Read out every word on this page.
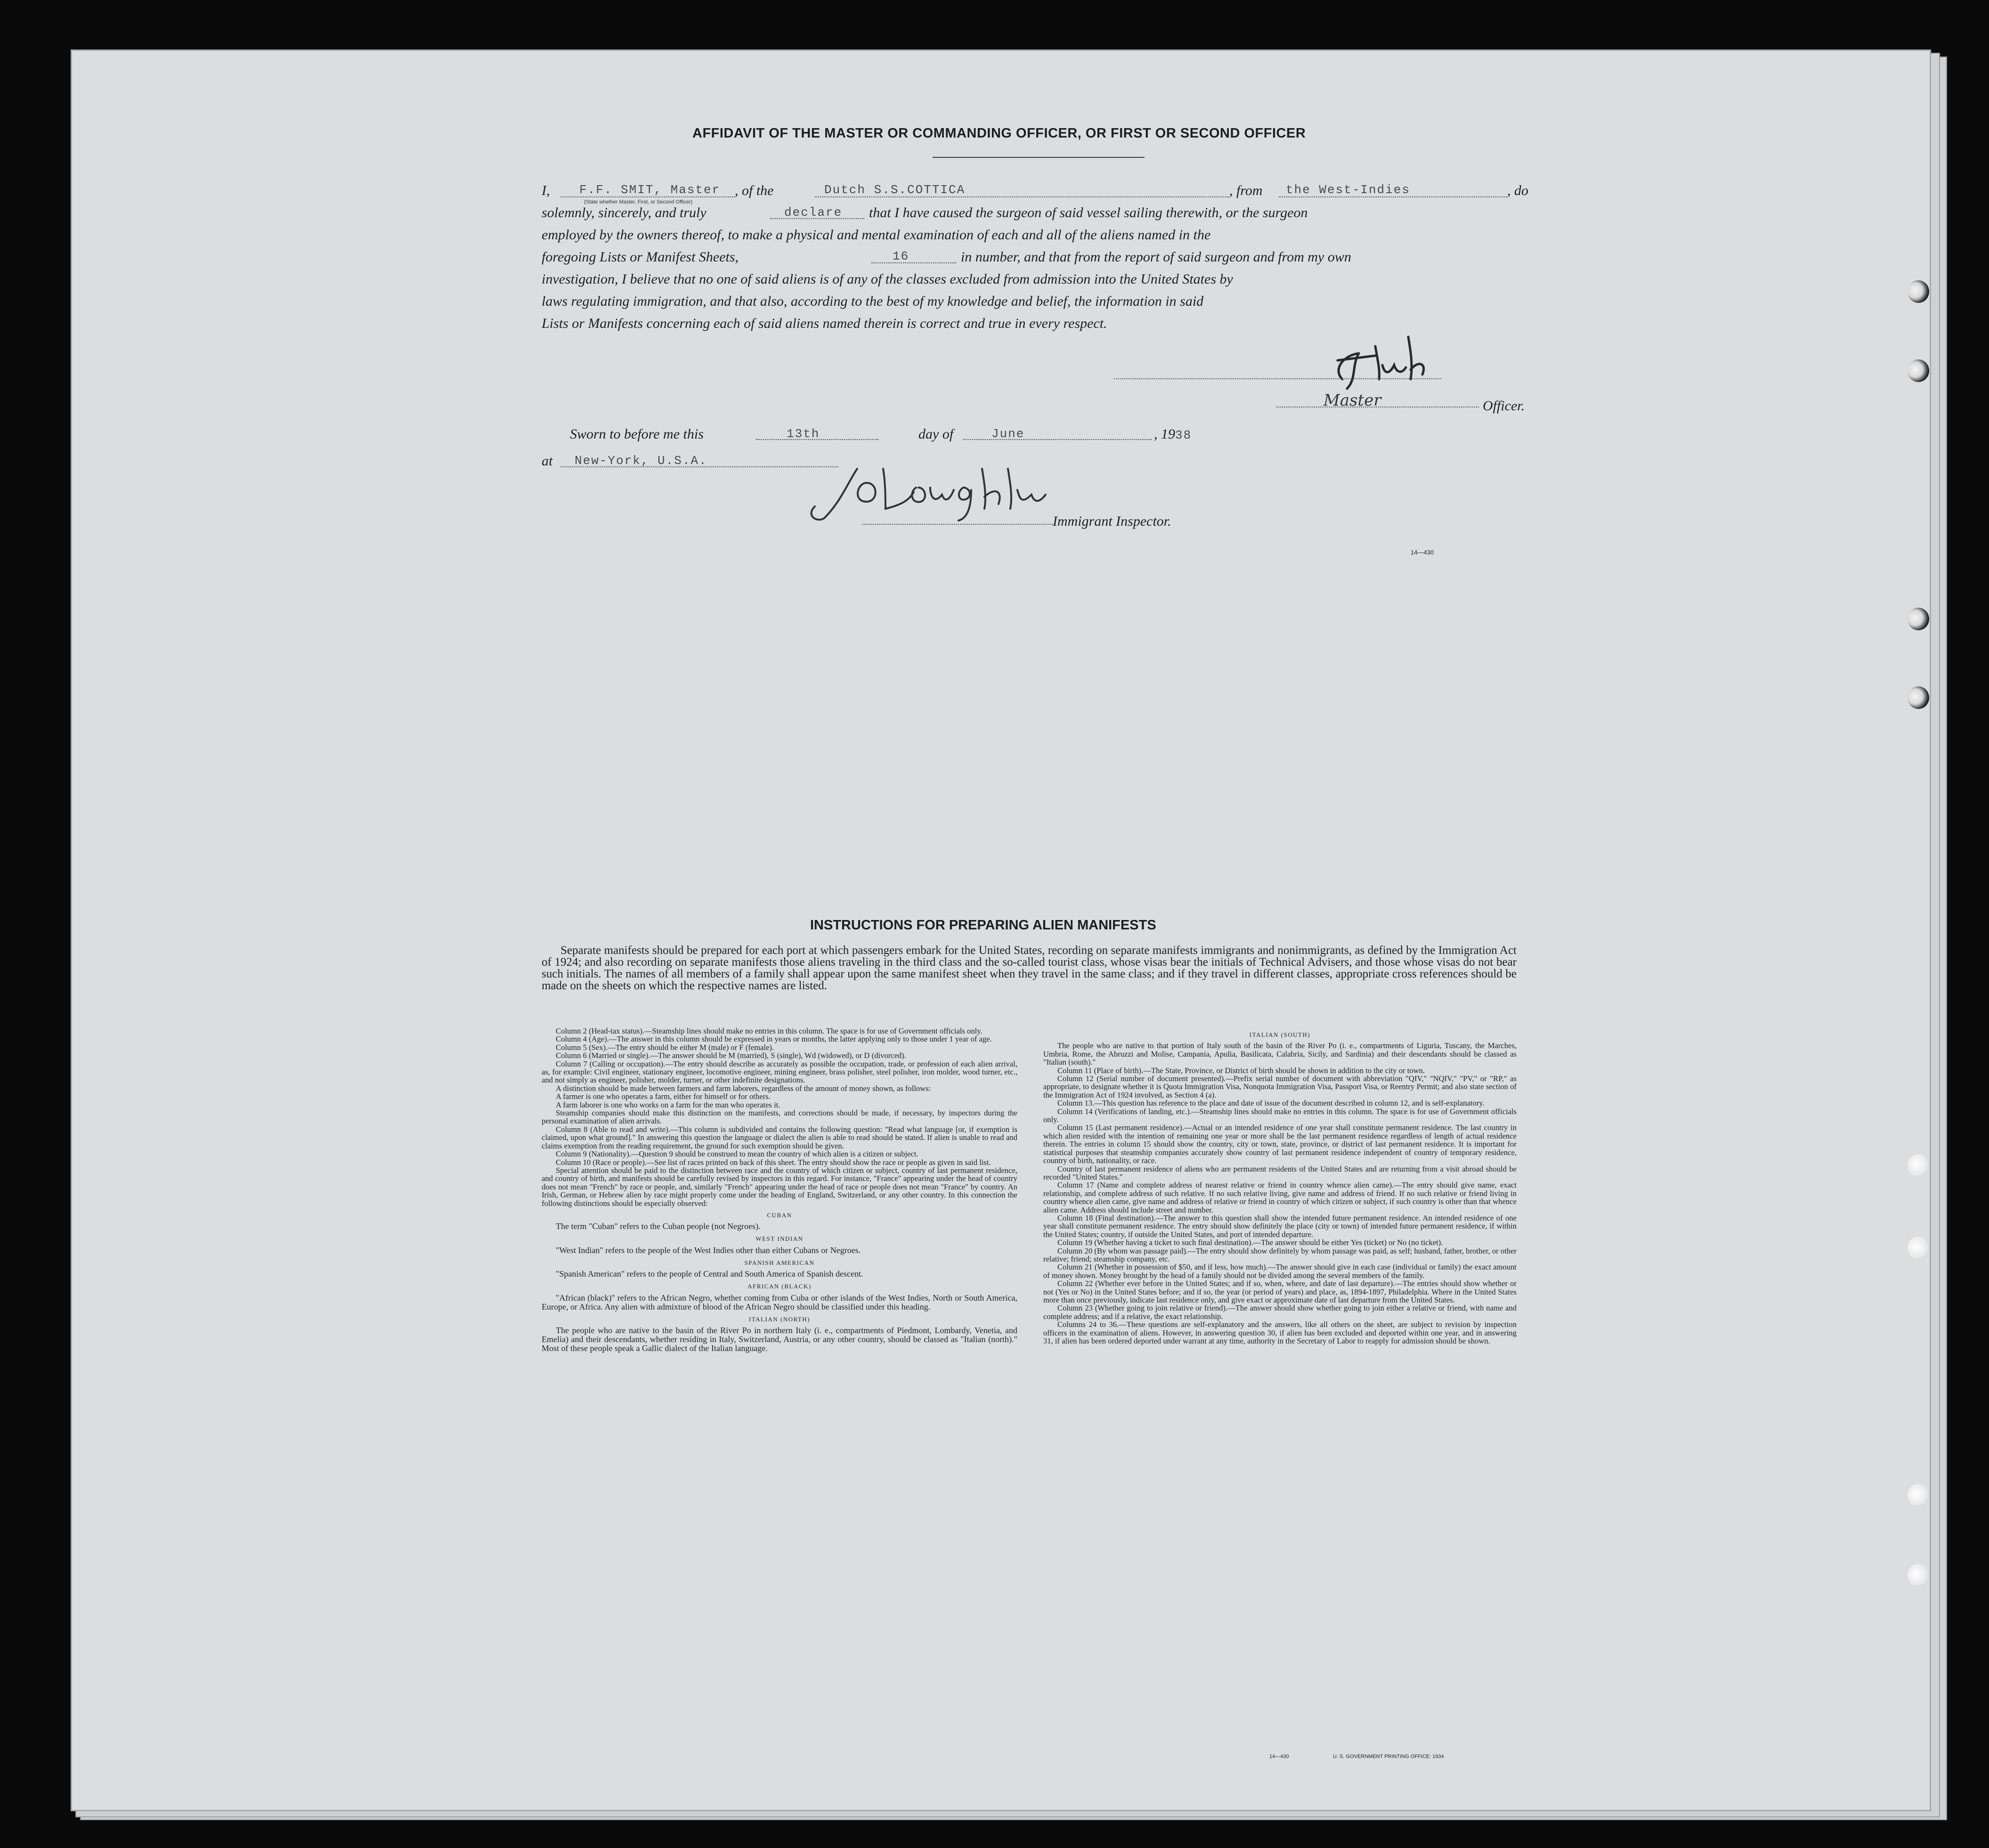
AFFIDAVIT OF THE MASTER OR COMMANDING OFFICER, OR FIRST OR SECOND OFFICER
I, F.F. SMIT, Master
(State whether Master, First, or Second Officer)
, of the	Dutch S.S.COTTICA	, from the West-Indies	, do
solemnly, sincerely, and truly	declare that I have caused the surgeon of said vessel sailing therewith, or the surgeon
employed by the owners thereof, to make a physical and mental examination of each and all of the aliens named in the
foregoing Lists or Manifest Sheets,	16	in number, and that from the report of said surgeon and from my own
investigation, I believe that no one of said aliens is of any of the classes excluded from admission into the United States by
laws regulating immigration, and that also, according to the best of my knowledge and belief, the information in said
Lists or Manifests concerning each of said aliens named therein is correct and true in every respect.
Master	Officer.
Sworn to before me this	13th	day of	June	, 1938
at New-York, U.S.A.
Immigrant Inspector.
14—430
INSTRUCTIONS FOR PREPARING ALIEN MANIFESTS
Separate manifests should be prepared for each port at which passengers embark for the United States, recording on separate manifests immigrants and nonimmigrants, as defined by the Immigration Act of 1924; and also recording on separate manifests those aliens traveling in the third class and the so-called tourist class, whose visas bear the initials of Technical Advisers, and those whose visas do not bear such initials. The names of all members of a family shall appear upon the same manifest sheet when they travel in the same class; and if they travel in different classes, appropriate cross references should be made on the sheets on which the respective names are listed.

Column 2 (Head-tax status).—Steamship lines should make no entries in this column. The space is for use of Government officials only.

Column 4 (Age).—The answer in this column should be expressed in years or months, the latter applying only to those under 1 year of age.

Column 5 (Sex).—The entry should be either M (male) or F (female).

Column 6 (Married or single).—The answer should be M (married), S (single), Wd (widowed), or D (divorced).

Column 7 (Calling or occupation).—The entry should describe as accurately as possible the occupation, trade, or profession of each alien arrival, as, for example: Civil engineer, stationary engineer, locomotive engineer, mining engineer, brass polisher, steel polisher, iron molder, wood turner, etc., and not simply as engineer, polisher, molder, turner, or other indefinite designations.

A distinction should be made between farmers and farm laborers, regardless of the amount of money shown, as follows:

A farmer is one who operates a farm, either for himself or for others.

A farm laborer is one who works on a farm for the man who operates it.

Steamship companies should make this distinction on the manifests, and corrections should be made, if necessary, by inspectors during the personal examination of alien arrivals.

Column 8 (Able to read and write).—This column is subdivided and contains the following question: "Read what language [or, if exemption is claimed, upon what ground]." In answering this question the language or dialect the alien is able to read should be stated. If alien is unable to read and claims exemption from the reading requirement, the ground for such exemption should be given.

Column 9 (Nationality).—Question 9 should be construed to mean the country of which alien is a citizen or subject.

Column 10 (Race or people).—See list of races printed on back of this sheet. The entry should show the race or people as given in said list.

Special attention should be paid to the distinction between race and the country of which citizen or subject, country of last permanent residence, and country of birth, and manifests should be carefully revised by inspectors in this regard. For instance, "France" appearing under the head of country does not mean "French" by race or people, and, similarly "French" appearing under the head of race or people does not mean "France" by country. An Irish, German, or Hebrew alien by race might properly come under the heading of England, Switzerland, or any other country. In this connection the following distinctions should be especially observed:

CUBAN

The term "Cuban" refers to the Cuban people (not Negroes).

WEST INDIAN

"West Indian" refers to the people of the West Indies other than either Cubans or Negroes.

SPANISH AMERICAN

"Spanish American" refers to the people of Central and South America of Spanish descent.

AFRICAN (BLACK)

"African (black)" refers to the African Negro, whether coming from Cuba or other islands of the West Indies, North or South America, Europe, or Africa. Any alien with admixture of blood of the African Negro should be classified under this heading.

ITALIAN (NORTH)

The people who are native to the basin of the River Po in northern Italy (i. e., compartments of Piedmont, Lombardy, Venetia, and Emelia) and their descendants, whether residing in Italy, Switzerland, Austria, or any other country, should be classed as "Italian (north)." Most of these people speak a Gallic dialect of the Italian language.

ITALIAN (SOUTH)

The people who are native to that portion of Italy south of the basin of the River Po (i. e., compartments of Liguria, Tuscany, the Marches, Umbria, Rome, the Abruzzi and Molise, Campania, Apulia, Basilicata, Calabria, Sicily, and Sardinia) and their descendants should be classed as "Italian (south)."

Column 11 (Place of birth).—The State, Province, or District of birth should be shown in addition to the city or town.

Column 12 (Serial number of document presented).—Prefix serial number of document with abbreviation "QIV," "NQIV," "PV," or "RP," as appropriate, to designate whether it is Quota Immigration Visa, Nonquota Immigration Visa, Passport Visa, or Reentry Permit; and also state section of the Immigration Act of 1924 involved, as Section 4 (a).

Column 13.—This question has reference to the place and date of issue of the document described in column 12, and is self-explanatory.

Column 14 (Verifications of landing, etc.).—Steamship lines should make no entries in this column. The space is for use of Government officials only.

Column 15 (Last permanent residence).—Actual or an intended residence of one year shall constitute permanent residence. The last country in which alien resided with the intention of remaining one year or more shall be the last permanent residence regardless of length of actual residence therein. The entries in column 15 should show the country, city or town, state, province, or district of last permanent residence. It is important for statistical purposes that steamship companies accurately show country of last permanent residence independent of country of temporary residence, country of birth, nationality, or race.

Country of last permanent residence of aliens who are permanent residents of the United States and are returning from a visit abroad should be recorded "United States."

Column 17 (Name and complete address of nearest relative or friend in country whence alien came).—The entry should give name, exact relationship, and complete address of such relative. If no such relative living, give name and address of friend. If no such relative or friend living in country whence alien came, give name and address of relative or friend in country of which citizen or subject, if such country is other than that whence alien came. Address should include street and number.

Column 18 (Final destination).—The answer to this question shall show the intended future permanent residence. An intended residence of one year shall constitute permanent residence. The entry should show definitely the place (city or town) of intended future permanent residence, if within the United States; country, if outside the United States, and port of intended departure.

Column 19 (Whether having a ticket to such final destination).—The answer should be either Yes (ticket) or No (no ticket).

Column 20 (By whom was passage paid).—The entry should show definitely by whom passage was paid, as self; husband, father, brother, or other relative; friend; steamship company, etc.

Column 21 (Whether in possession of $50, and if less, how much).—The answer should give in each case (individual or family) the exact amount of money shown. Money brought by the head of a family should not be divided among the several members of the family.

Column 22 (Whether ever before in the United States; and if so, when, where, and date of last departure).—The entries should show whether or not (Yes or No) in the United States before; and if so, the year (or period of years) and place, as, 1894-1897, Philadelphia. Where in the United States more than once previously, indicate last residence only, and give exact or approximate date of last departure from the United States.

Column 23 (Whether going to join relative or friend).—The answer should show whether going to join either a relative or friend, with name and complete address; and if a relative, the exact relationship.

Columns 24 to 36.—These questions are self-explanatory and the answers, like all others on the sheet, are subject to revision by inspection officers in the examination of aliens. However, in answering question 30, if alien has been excluded and deported within one year, and in answering 31, if alien has been ordered deported under warrant at any time, authority in the Secretary of Labor to reapply for admission should be shown.

14—430	U. S. GOVERNMENT PRINTING OFFICE: 1934
